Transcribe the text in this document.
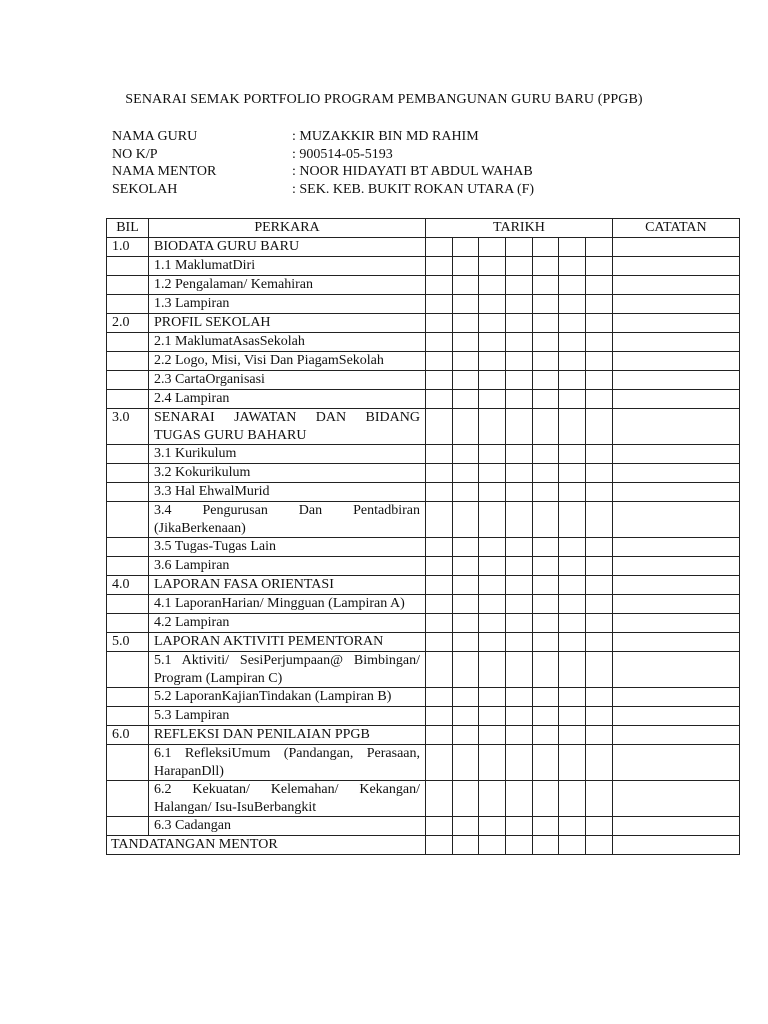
SENARAI SEMAK PORTFOLIO PROGRAM PEMBANGUNAN GURU BARU (PPGB)
NAMA GURU	: MUZAKKIR BIN MD RAHIM
NO K/P	: 900514-05-5193
NAMA MENTOR	: NOOR HIDAYATI BT ABDUL WAHAB
SEKOLAH	: SEK. KEB. BUKIT ROKAN UTARA (F)
BIL	PERKARA	TARIKH							CATATAN
1.0	BIODATA GURU BARU								
	1.1 MaklumatDiri								
	1.2 Pengalaman/ Kemahiran								
	1.3 Lampiran								
2.0	PROFIL SEKOLAH								
	2.1 MaklumatAsasSekolah								
	2.2 Logo, Misi, Visi Dan PiagamSekolah								
	2.3 CartaOrganisasi								
	2.4 Lampiran								
3.0	SENARAI JAWATAN DAN BIDANG TUGAS GURU BAHARU								
	3.1 Kurikulum								
	3.2 Kokurikulum								
	3.3 Hal EhwalMurid								
	3.4 Pengurusan Dan Pentadbiran (JikaBerkenaan)								
	3.5 Tugas-Tugas Lain								
	3.6 Lampiran								
4.0	LAPORAN FASA ORIENTASI								
	4.1 LaporanHarian/ Mingguan (Lampiran A)								
	4.2 Lampiran								
5.0	LAPORAN AKTIVITI PEMENTORAN								
	5.1 Aktiviti/ SesiPerjumpaan@ Bimbingan/ Program (Lampiran C)								
	5.2 LaporanKajianTindakan (Lampiran B)								
	5.3 Lampiran								
6.0	REFLEKSI DAN PENILAIAN PPGB								
	6.1 RefleksiUmum (Pandangan, Perasaan, HarapanDll)								
	6.2 Kekuatan/ Kelemahan/ Kekangan/ Halangan/ Isu-IsuBerbangkit								
	6.3 Cadangan								
TANDATANGAN MENTOR									
